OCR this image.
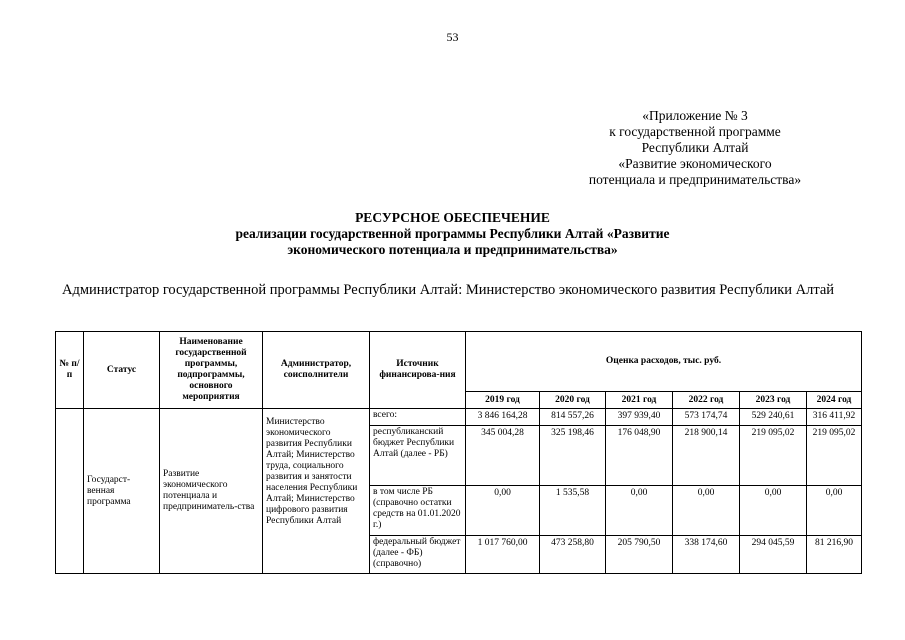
53
«Приложение № 3
к государственной программе
Республики Алтай
«Развитие экономического
потенциала и предпринимательства»
РЕСУРСНОЕ ОБЕСПЕЧЕНИЕ
реализации государственной программы Республики Алтай «Развитие
экономического потенциала и предпринимательства»
Администратор государственной программы Республики Алтай: Министерство экономического развития Республики Алтай
№ п/п	Статус	Наименование государственной программы, подпрограммы, основного мероприятия	Администратор, соисполнители	Источник финансирова-ния	Оценка расходов, тыс. руб.					
					2019 год	2020 год	2021 год	2022 год	2023 год	2024 год
	Государст-венная программа	Развитие экономического потенциала и предприниматель-ства	Министерство экономического развития Республики Алтай; Министерство труда, социального развития и занятости населения Республики Алтай; Министерство цифрового развития Республики Алтай	всего:	3 846 164,28	814 557,26	397 939,40	573 174,74	529 240,61	316 411,92
				республиканский бюджет Республики Алтай (далее - РБ)	345 004,28	325 198,46	176 048,90	218 900,14	219 095,02	219 095,02
				в том числе РБ (справочно остатки средств на 01.01.2020 г.)	0,00	1 535,58	0,00	0,00	0,00	0,00
				федеральный бюджет (далее - ФБ) (справочно)	1 017 760,00	473 258,80	205 790,50	338 174,60	294 045,59	81 216,90
